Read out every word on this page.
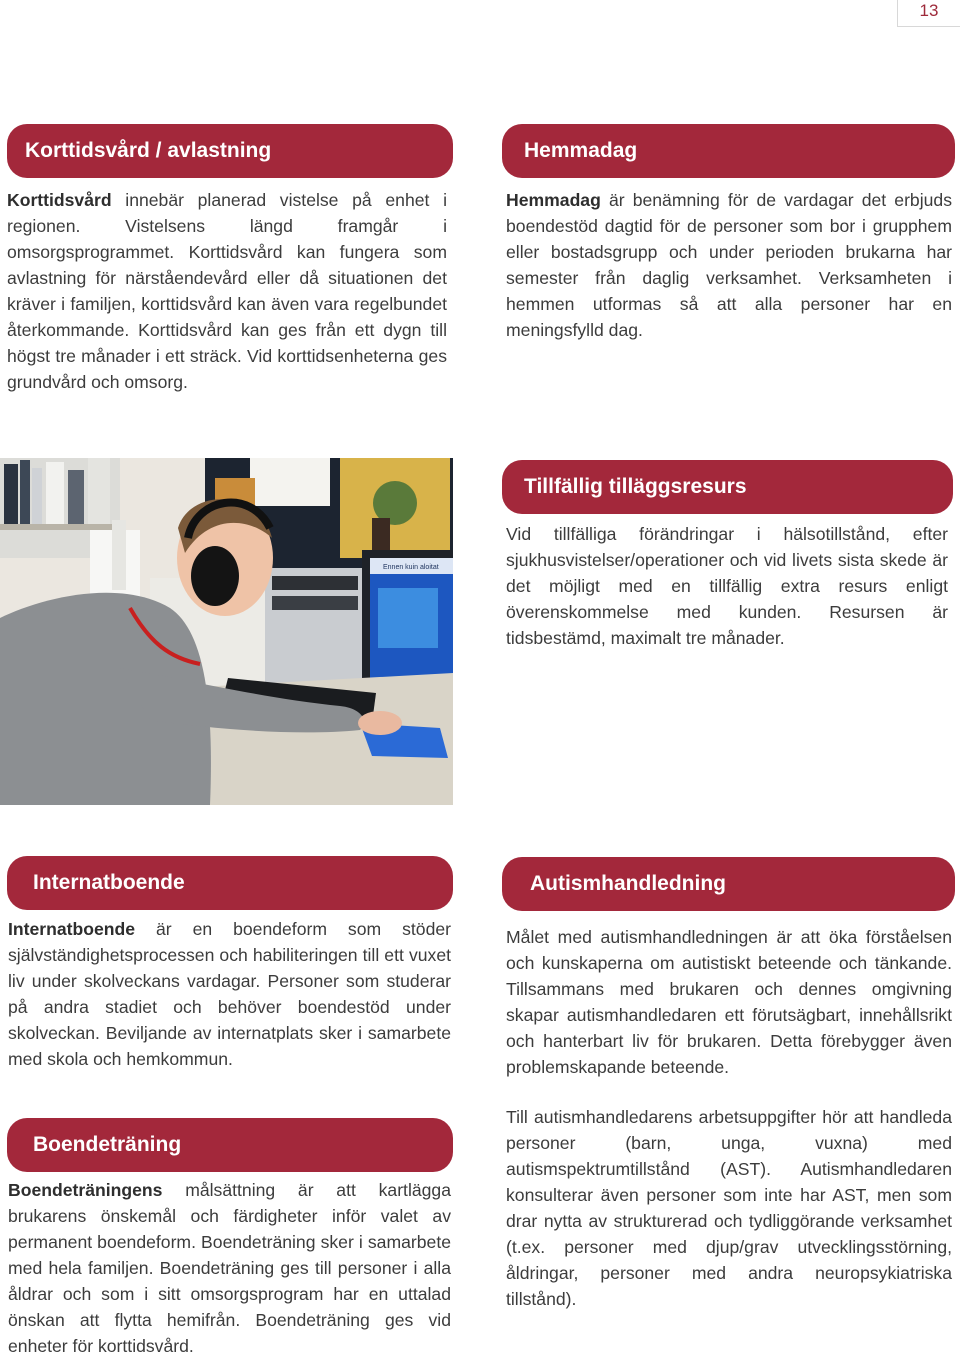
13
Korttidsvård / avlastning

Korttidsvård innebär planerad vistelse på enhet i regionen. Vistelsens längd framgår i omsorgsprogrammet. Korttidsvård kan fungera som avlastning för närståendevård eller då situationen det kräver i familjen, korttidsvård kan även vara regelbundet återkommande. Korttidsvård kan ges från ett dygn till högst tre månader i ett sträck. Vid korttidsenheterna ges grundvård och omsorg.

Hemmadag

Hemmadag är benämning för de vardagar det erbjuds boendestöd dagtid för de personer som bor i grupphem eller bostadsgrupp och under perioden brukarna har semester från daglig verksamhet. Verksamheten i hemmen utformas så att alla personer har en meningsfylld dag.

Ennen kuin aloitat
Tillfällig tilläggsresurs

Vid tillfälliga förändringar i hälsotillstånd, efter sjukhusvistelser/operationer och vid livets sista skede är det möjligt med en tillfällig extra resurs enligt överenskommelse med kunden. Resursen är tidsbestämd, maximalt tre månader.

Internatboende

Internatboende är en boendeform som stöder självständighetsprocessen och habiliteringen till ett vuxet liv under skolveckans vardagar. Personer som studerar på andra stadiet och behöver boendestöd under skolveckan. Beviljande av internatplats sker i samarbete med skola och hemkommun.

Autismhandledning

Målet med autismhandledningen är att öka förståelsen och kunskaperna om autistiskt beteende och tänkande. Tillsammans med brukaren och dennes omgivning skapar autismhandledaren ett förutsägbart, innehållsrikt och hanterbart liv för brukaren. Detta förebygger även problemskapande beteende.

Till autismhandledarens arbetsuppgifter hör att handleda personer (barn, unga, vuxna) med autismspektrumtillstånd (AST). Autismhandledaren konsulterar även personer som inte har AST, men som drar nytta av strukturerad och tydliggörande verksamhet (t.ex. personer med djup/grav utvecklingsstörning, åldringar, personer med andra neuropsykiatriska tillstånd).

Boendeträning

Boendeträningens målsättning är att kartlägga brukarens önskemål och färdigheter inför valet av permanent boendeform. Boendeträning sker i samarbete med hela familjen. Boendeträning ges till personer i alla åldrar och som i sitt omsorgsprogram har en uttalad önskan att flytta hemifrån. Boendeträning ges vid enheter för korttidsvård.
